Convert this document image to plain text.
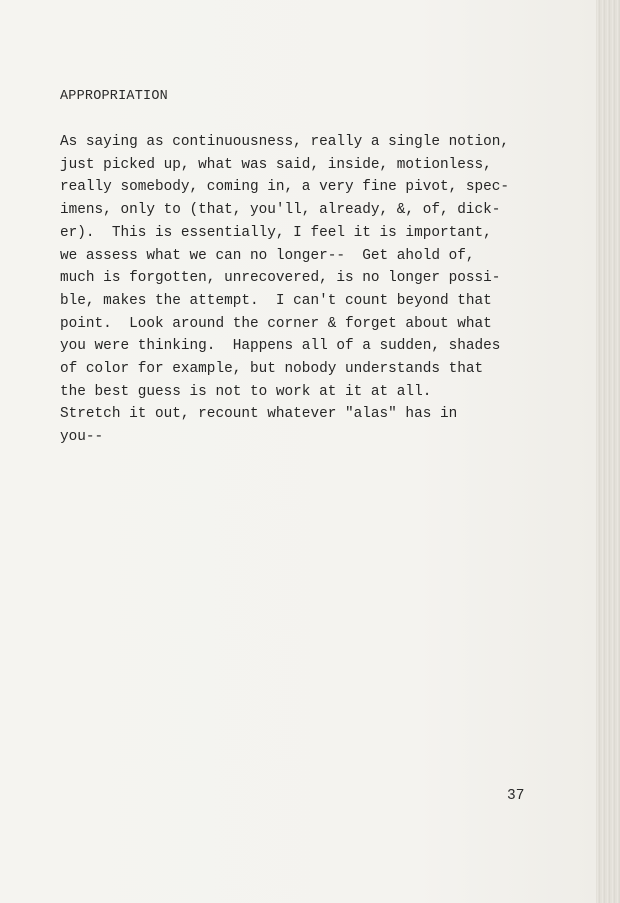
APPROPRIATION
As saying as continuousness, really a single notion,
just picked up, what was said, inside, motionless,
really somebody, coming in, a very fine pivot, spec-
imens, only to (that, you'll, already, &, of, dick-
er).  This is essentially, I feel it is important,
we assess what we can no longer--  Get ahold of,
much is forgotten, unrecovered, is no longer possi-
ble, makes the attempt.  I can't count beyond that
point.  Look around the corner & forget about what
you were thinking.  Happens all of a sudden, shades
of color for example, but nobody understands that
the best guess is not to work at it at all.
Stretch it out, recount whatever "alas" has in
you--
37
